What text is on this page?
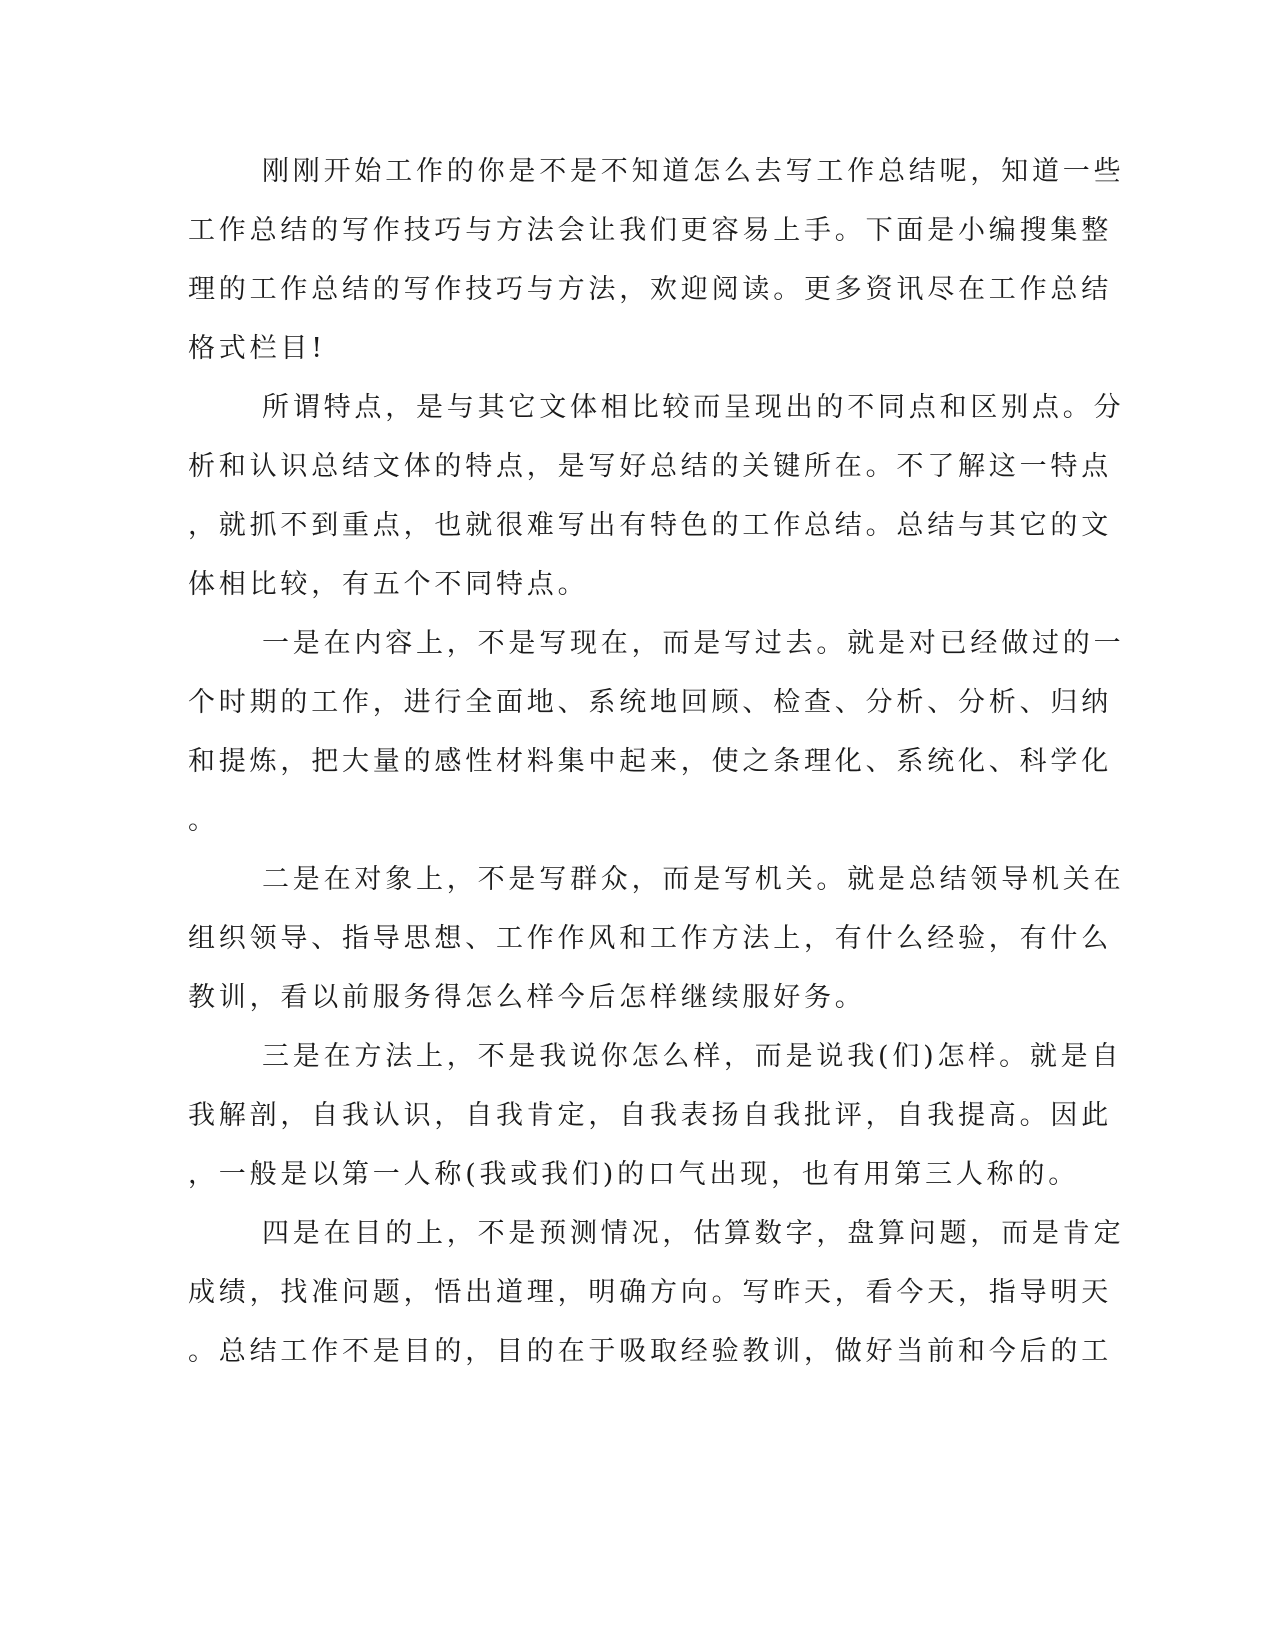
刚刚开始工作的你是不是不知道怎么去写工作总结呢，知道一些
工作总结的写作技巧与方法会让我们更容易上手。下面是小编搜集整
理的工作总结的写作技巧与方法，欢迎阅读。更多资讯尽在工作总结
格式栏目!
所谓特点，是与其它文体相比较而呈现出的不同点和区别点。分
析和认识总结文体的特点，是写好总结的关键所在。不了解这一特点
，就抓不到重点，也就很难写出有特色的工作总结。总结与其它的文
体相比较，有五个不同特点。
一是在内容上，不是写现在，而是写过去。就是对已经做过的一
个时期的工作，进行全面地、系统地回顾、检查、分析、分析、归纳
和提炼，把大量的感性材料集中起来，使之条理化、系统化、科学化
。
二是在对象上，不是写群众，而是写机关。就是总结领导机关在
组织领导、指导思想、工作作风和工作方法上，有什么经验，有什么
教训，看以前服务得怎么样今后怎样继续服好务。
三是在方法上，不是我说你怎么样，而是说我(们)怎样。就是自
我解剖，自我认识，自我肯定，自我表扬自我批评，自我提高。因此
，一般是以第一人称(我或我们)的口气出现，也有用第三人称的。
四是在目的上，不是预测情况，估算数字，盘算问题，而是肯定
成绩，找准问题，悟出道理，明确方向。写昨天，看今天，指导明天
。总结工作不是目的，目的在于吸取经验教训，做好当前和今后的工
